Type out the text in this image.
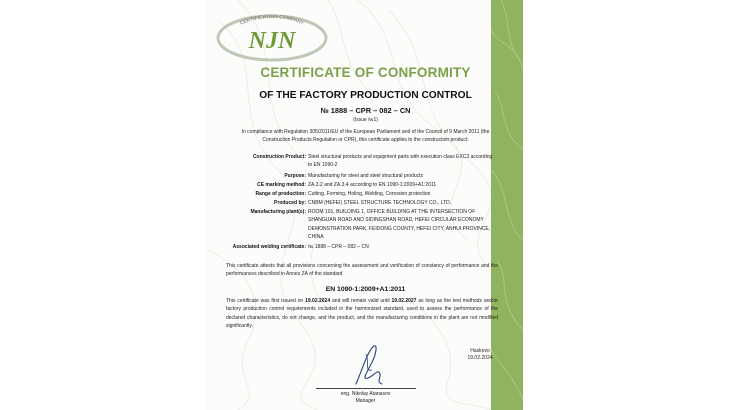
CERTIFICATION COMPANY
NJN
CERTIFICATE OF CONFORMITY
OF THE FACTORY PRODUCTION CONTROL
№ 1888 – CPR – 082 – CN
(Issue №1)
In compliance with Regulation 305/2011/EU of the European Parliament and of the Council of 9 March 2011 (the Construction Products Regulation or CPR), this certificate applies to the construction product:
Construction Product: Steel structural products and equipment parts with execution class EXC3 according to EN 1090-2
Purpose: Manufacturing for steel and steel structural products
CE marking method: ZA.3.2 and ZA.3.4 according to EN 1090-1:2009+A1:2011
Range of production: Cutting, Forming, Holing, Welding, Corrosion protection
Produced by: CNBM (HEFEI) STEEL STRUCTURE TECHNOLOGY CO., LTD.
Manufacturing plant(s): ROOM 101, BUILDING 1, OFFICE BUILDING AT THE INTERSECTION OF SHANGUAN ROAD AND SIDINGSHAN ROAD, HEFEI CIRCULAR ECONOMY DEMONSTRATION PARK, FEIDONG COUNTY, HEFEI CITY, ANHUI PROVINCE, CHINA
Associated welding certificate: № 1888 – CPR – 082 – CN
This certificate attests that all provisions concerning the assessment and verification of constancy of performance and the performances described in Annex ZA of the standard
EN 1090-1:2009+A1:2011
This certificate was first issued on 19.02.2024 and will remain valid until 19.02.2027 as long as the test methods and/or factory production control requirements included in the harmonized standard, used to assess the performance of the declared characteristics, do not change, and the product, and the manufacturing conditions in the plant are not modified significantly.
Haskovo
19.02.2024
eng. Nikolay Atanasov
Manager
